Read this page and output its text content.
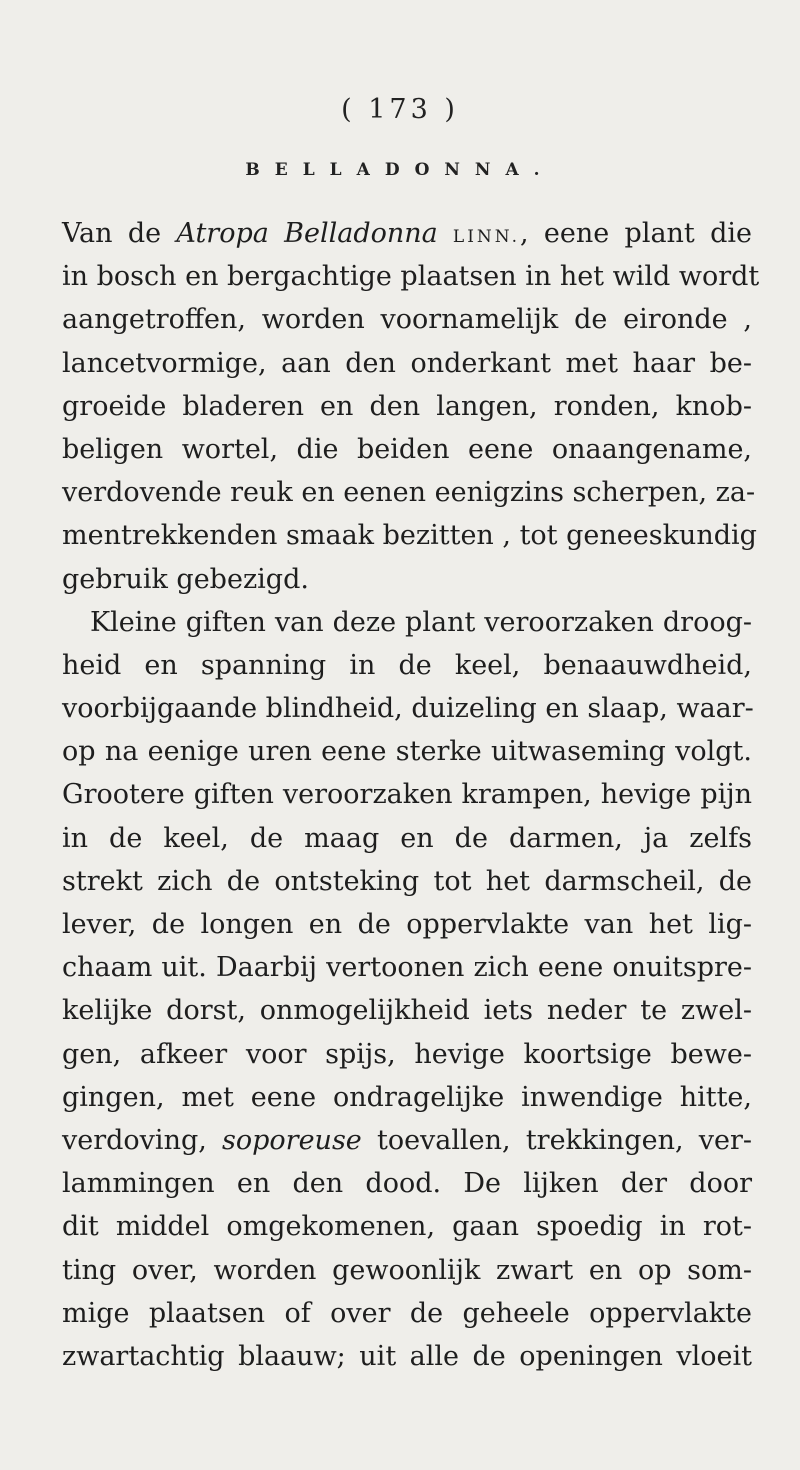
( 173 )
BELLADONNA.
Van de Atropa Belladonna LINN., eene plant die
in bosch en bergachtige plaatsen in het wild wordt
aangetroffen, worden voornamelijk de eironde ,
lancetvormige, aan den onderkant met haar be-
groeide bladeren en den langen, ronden, knob-
beligen wortel, die beiden eene onaangename,
verdovende reuk en eenen eenigzins scherpen, za-
mentrekkenden smaak bezitten , tot geneeskundig
gebruik gebezigd.
Kleine giften van deze plant veroorzaken droog-
heid en spanning in de keel, benaauwdheid,
voorbijgaande blindheid, duizeling en slaap, waar-
op na eenige uren eene sterke uitwaseming volgt.
Grootere giften veroorzaken krampen, hevige pijn
in de keel, de maag en de darmen, ja zelfs
strekt zich de ontsteking tot het darmscheil, de
lever, de longen en de oppervlakte van het lig-
chaam uit. Daarbij vertoonen zich eene onuitspre-
kelijke dorst, onmogelijkheid iets neder te zwel-
gen, afkeer voor spijs, hevige koortsige bewe-
gingen, met eene ondragelijke inwendige hitte,
verdoving, soporeuse toevallen, trekkingen, ver-
lammingen en den dood. De lijken der door
dit middel omgekomenen, gaan spoedig in rot-
ting over, worden gewoonlijk zwart en op som-
mige plaatsen of over de geheele oppervlakte
zwartachtig blaauw; uit alle de openingen vloeit
